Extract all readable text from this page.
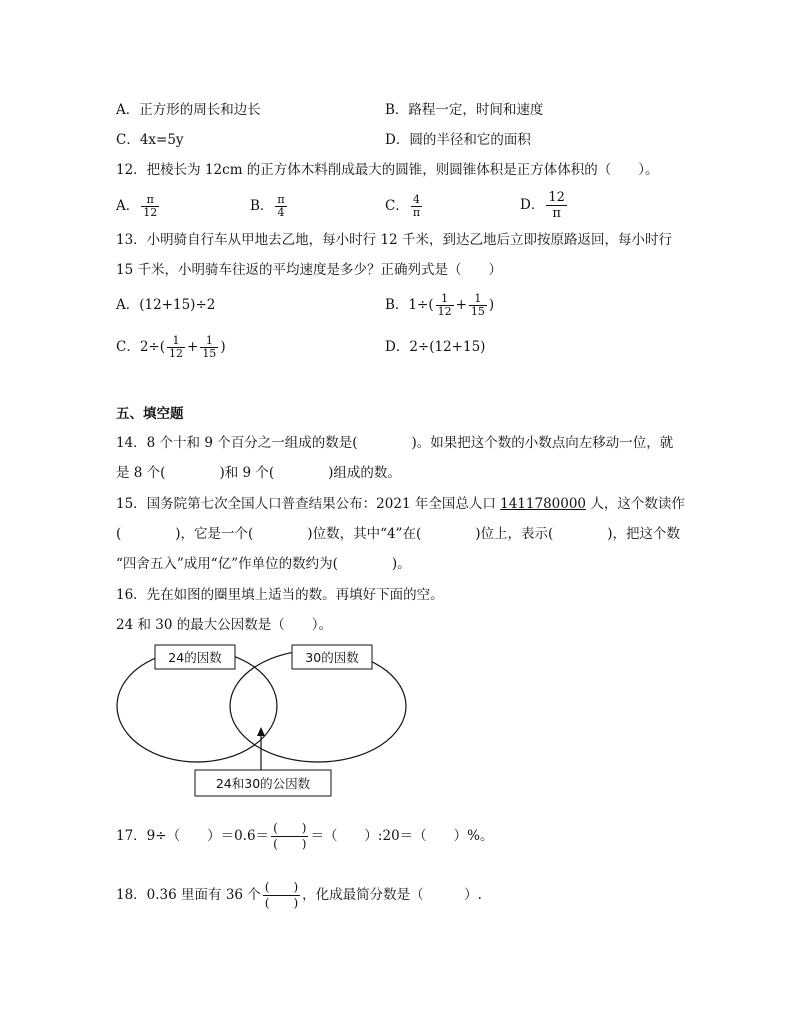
A．正方形的周长和边长	B．路程一定，时间和速度
C．4x=5y	D．圆的半径和它的面积
12．把棱长为 12cm 的正方体木料削成最大的圆锥，则圆锥体积是正方体体积的（　　）。
A． $\frac{\pi}{12}$	B． $\frac{\pi}{4}$	C． $\frac{4}{\pi}$	D． $\frac{12}{\pi}$
13．小明骑自行车从甲地去乙地，每小时行 12 千米，到达乙地后立即按原路返回，每小时行
15 千米，小明骑车往返的平均速度是多少？正确列式是（　　）
A．(12+15)÷2	B．$1\div( \frac{1}{12} + \frac{1}{15}$ )
C．$2\div( \frac{1}{12} + \frac{1}{15}$ )	D．2÷(12+15)
五、填空题
14．8 个十和 9 个百分之一组成的数是(　　　　)。如果把这个数的小数点向左移动一位，就
是 8 个(　　　　)和 9 个(　　　　)组成的数。
15．国务院第七次全国人口普查结果公布：2021 年全国总人口 1411780000 人，这个数读作
(　　　　)，它是一个(　　　　)位数，其中“4”在(　　　　)位上，表示(　　　　)，把这个数
“四舍五入”成用“亿”作单位的数约为(　　　　)。
16．先在如图的圈里填上适当的数。再填好下面的空。
24 和 30 的最大公因数是（　　）。
24的因数	30的因数
24和30的公因数
17．9÷（　　）$=0.6= \frac{( )}{( )}$ ＝（　　）:20＝（　　）%。
18．0.36 里面有 36 个 $\frac{( )}{( )}$ ，化成最简分数是（　　　）.
